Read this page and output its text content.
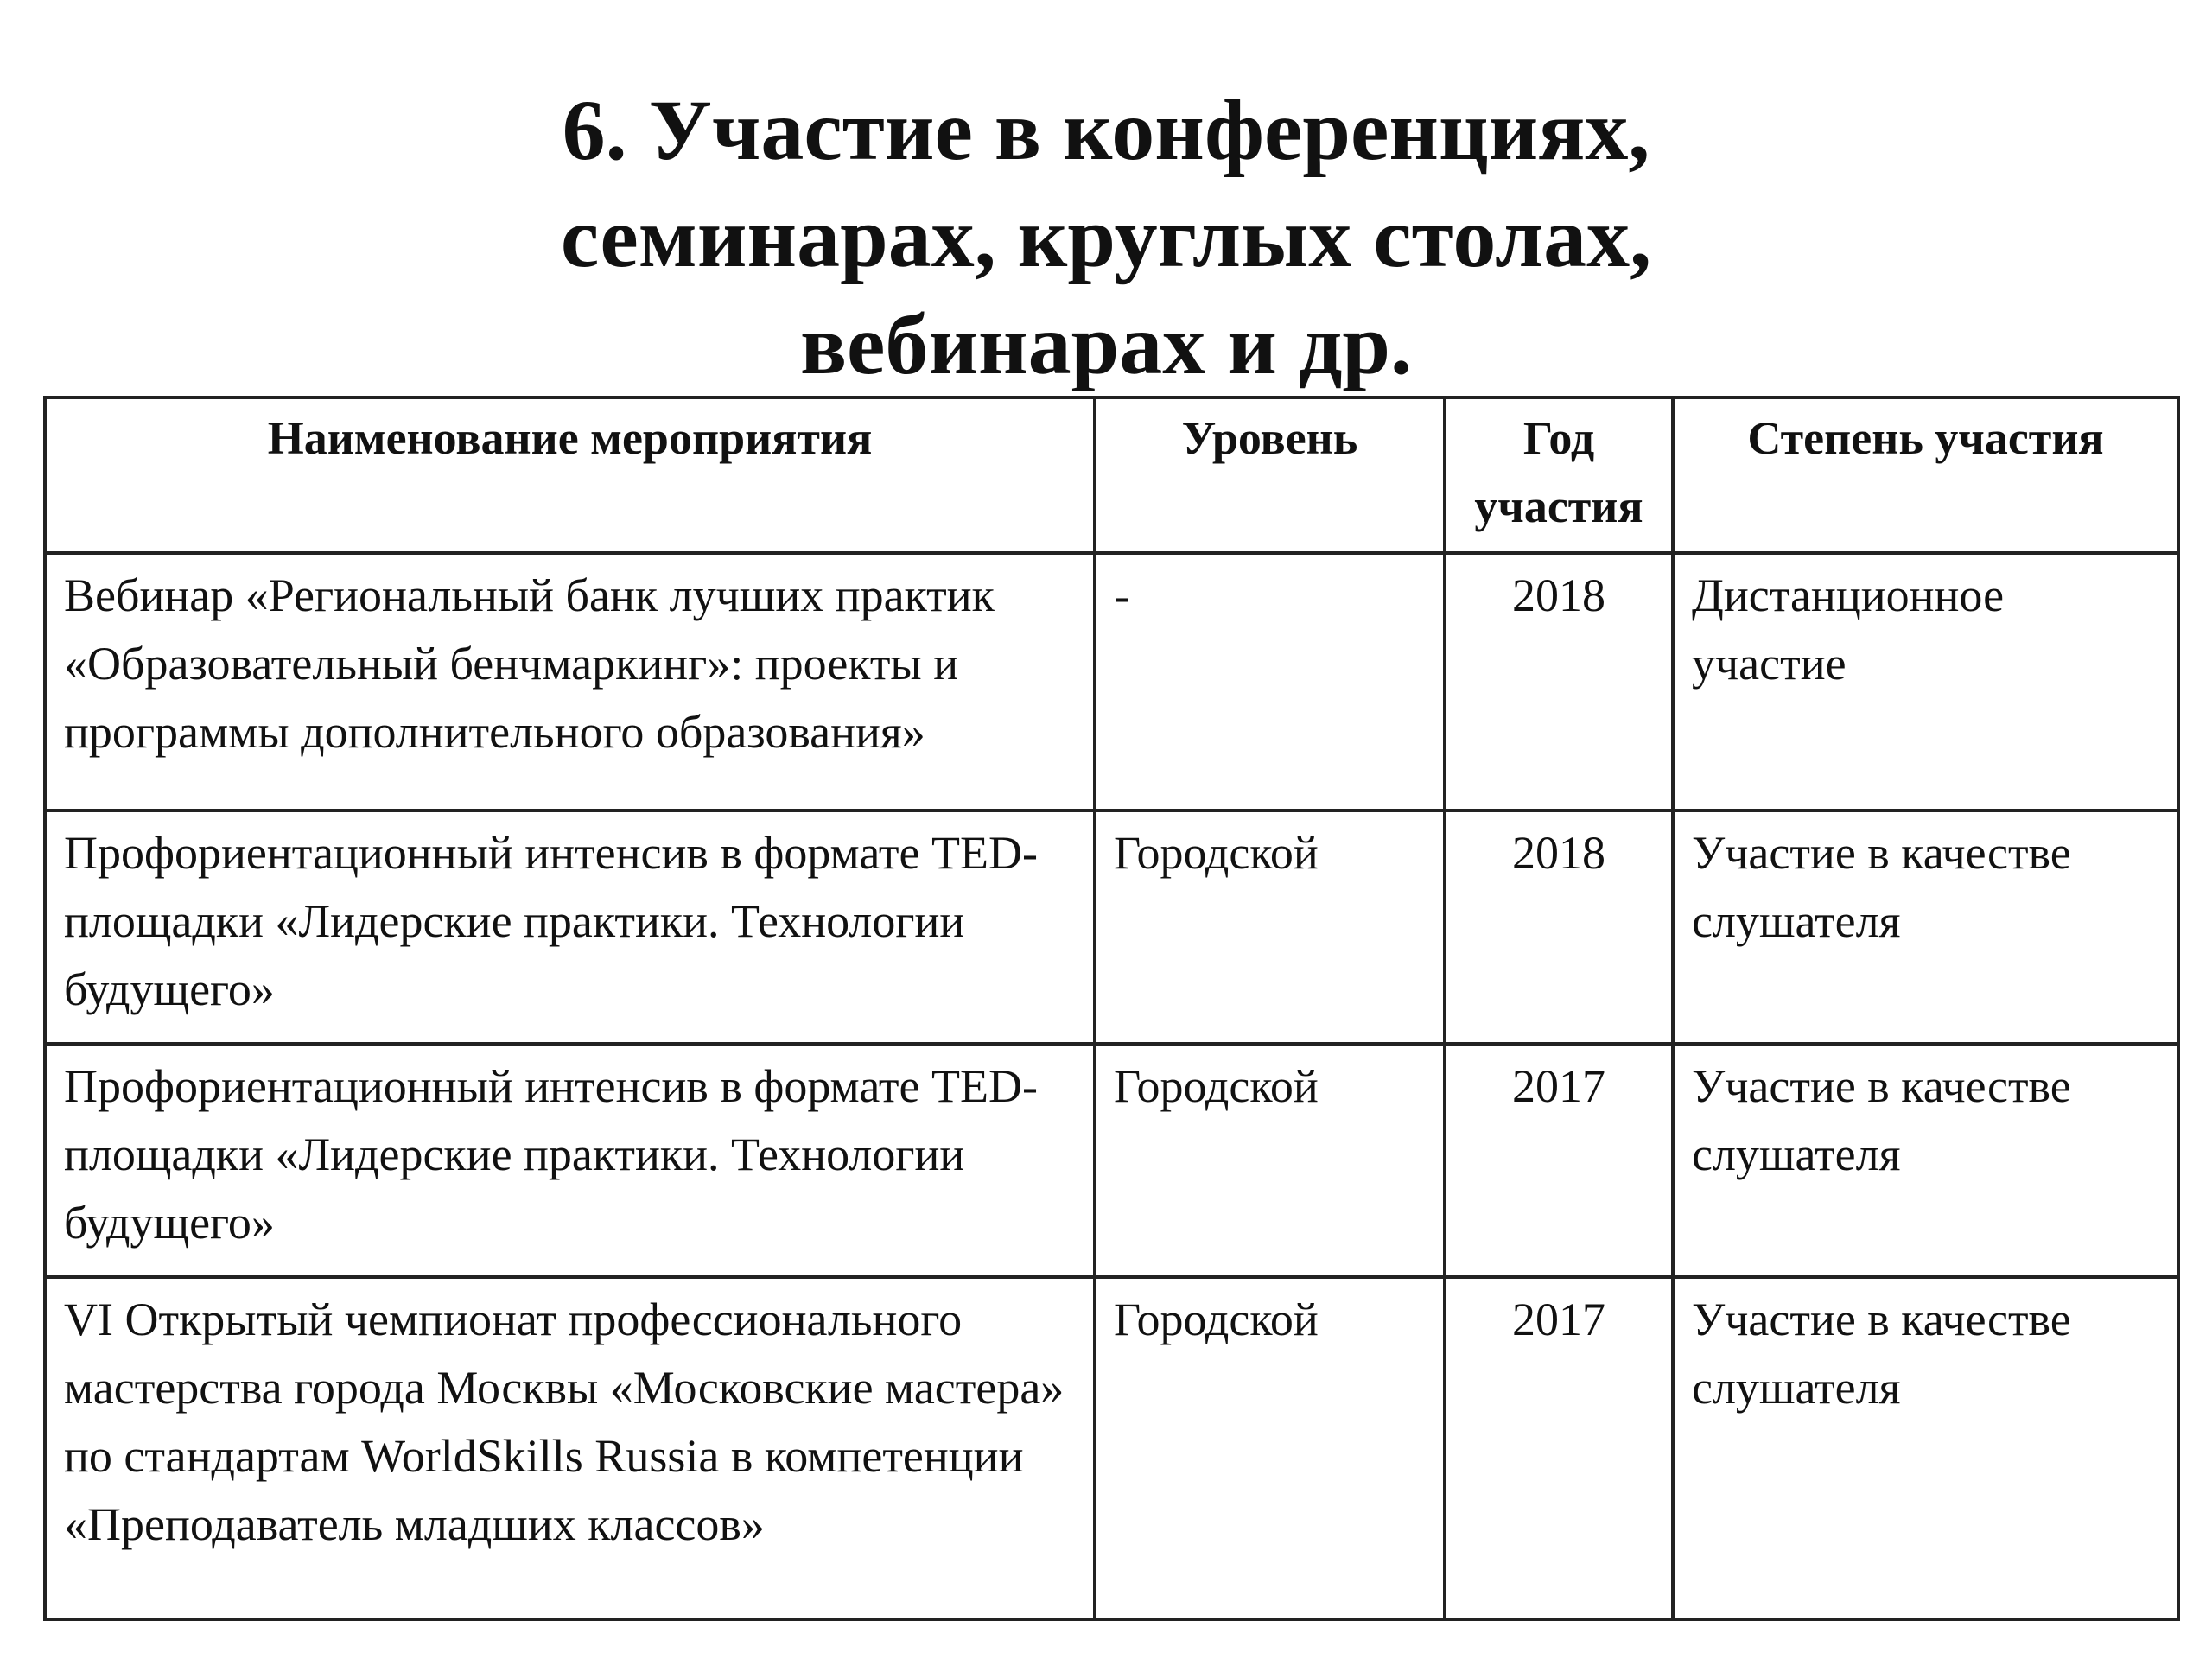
6. Участие в конференциях,
семинарах, круглых столах,
вебинарах и др.
Наименование мероприятия	Уровень	Год участия	Степень участия
Вебинар «Региональный банк лучших практик «Образовательный бенчмаркинг»: проекты и программы дополнительного образования»	-	2018	Дистанционное участие
Профориентационный интенсив в формате TED-площадки «Лидерские практики. Технологии будущего»	Городской	2018	Участие в качестве слушателя
Профориентационный интенсив в формате TED-площадки «Лидерские практики. Технологии будущего»	Городской	2017	Участие в качестве слушателя
VI Открытый чемпионат профессионального мастерства города Москвы «Московские мастера» по стандартам WorldSkills Russia в компетенции «Преподаватель младших классов»	Городской	2017	Участие в качестве слушателя
